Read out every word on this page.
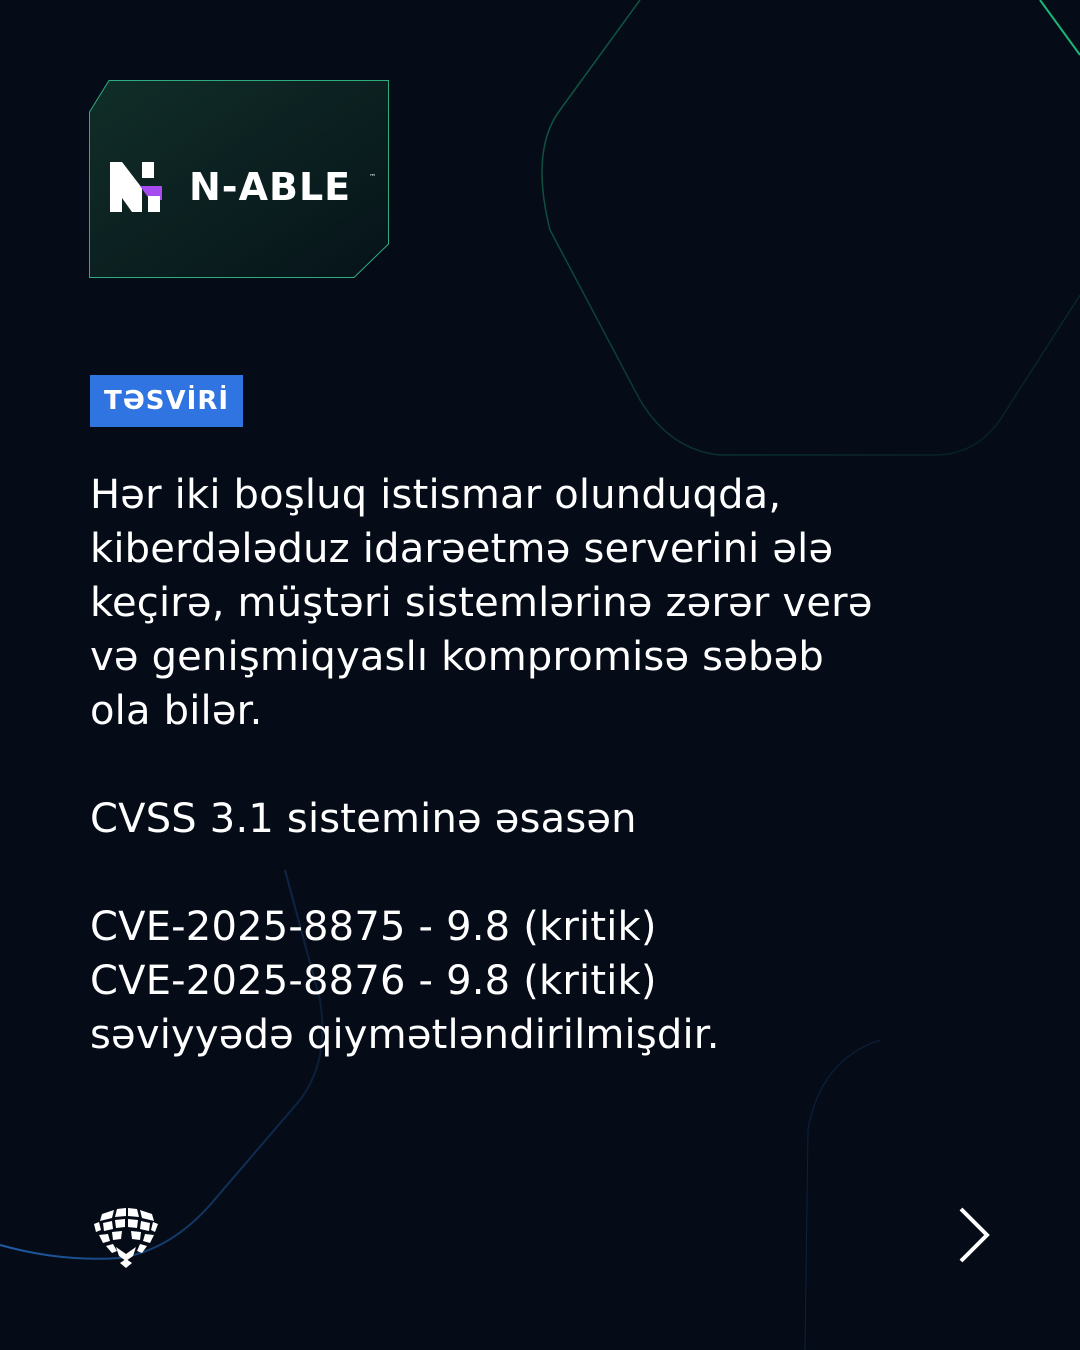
N-ABLE	™
TƏSVİRİ

Hər iki boşluq istismar olunduqda,
kiberdələduz idarəetmə serverini ələ
keçirə, müştəri sistemlərinə zərər verə
və genişmiqyaslı kompromisə səbəb
ola bilər.

CVSS 3.1 sisteminə əsasən

CVE-2025-8875 - 9.8 (kritik)
CVE-2025-8876 - 9.8 (kritik)
səviyyədə qiymətləndirilmişdir.
